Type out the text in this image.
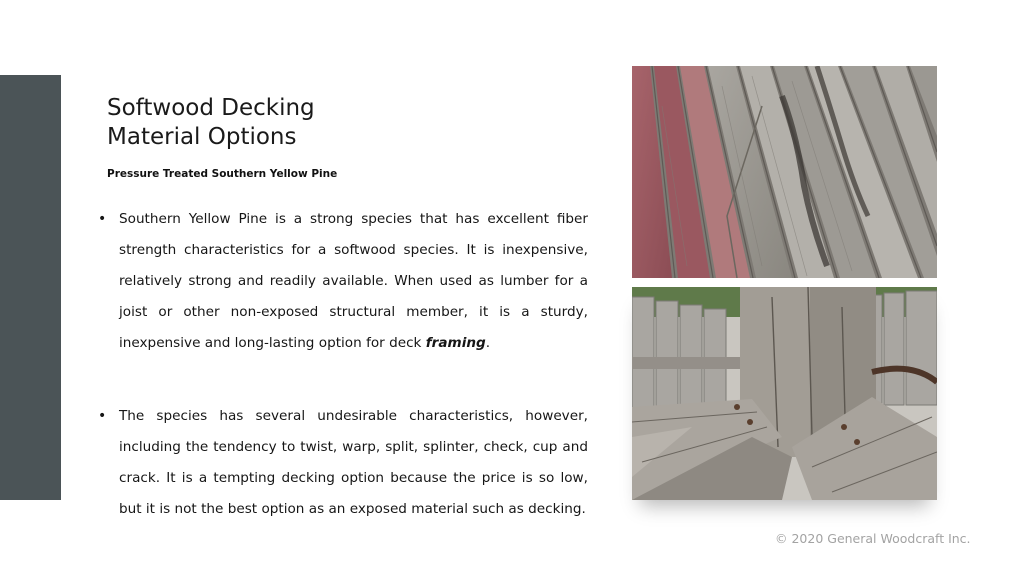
Softwood Decking
Material Options
Pressure Treated Southern Yellow Pine
• Southern Yellow Pine is a strong species that has excellent fiber strength characteristics for a softwood species. It is inexpensive, relatively strong and readily available. When used as lumber for a joist or other non-exposed structural member, it is a sturdy, inexpensive and long-lasting option for deck framing.
• The species has several undesirable characteristics, however, including the tendency to twist, warp, split, splinter, check, cup and crack. It is a tempting decking option because the price is so low, but it is not the best option as an exposed material such as decking.
© 2020 General Woodcraft Inc.
